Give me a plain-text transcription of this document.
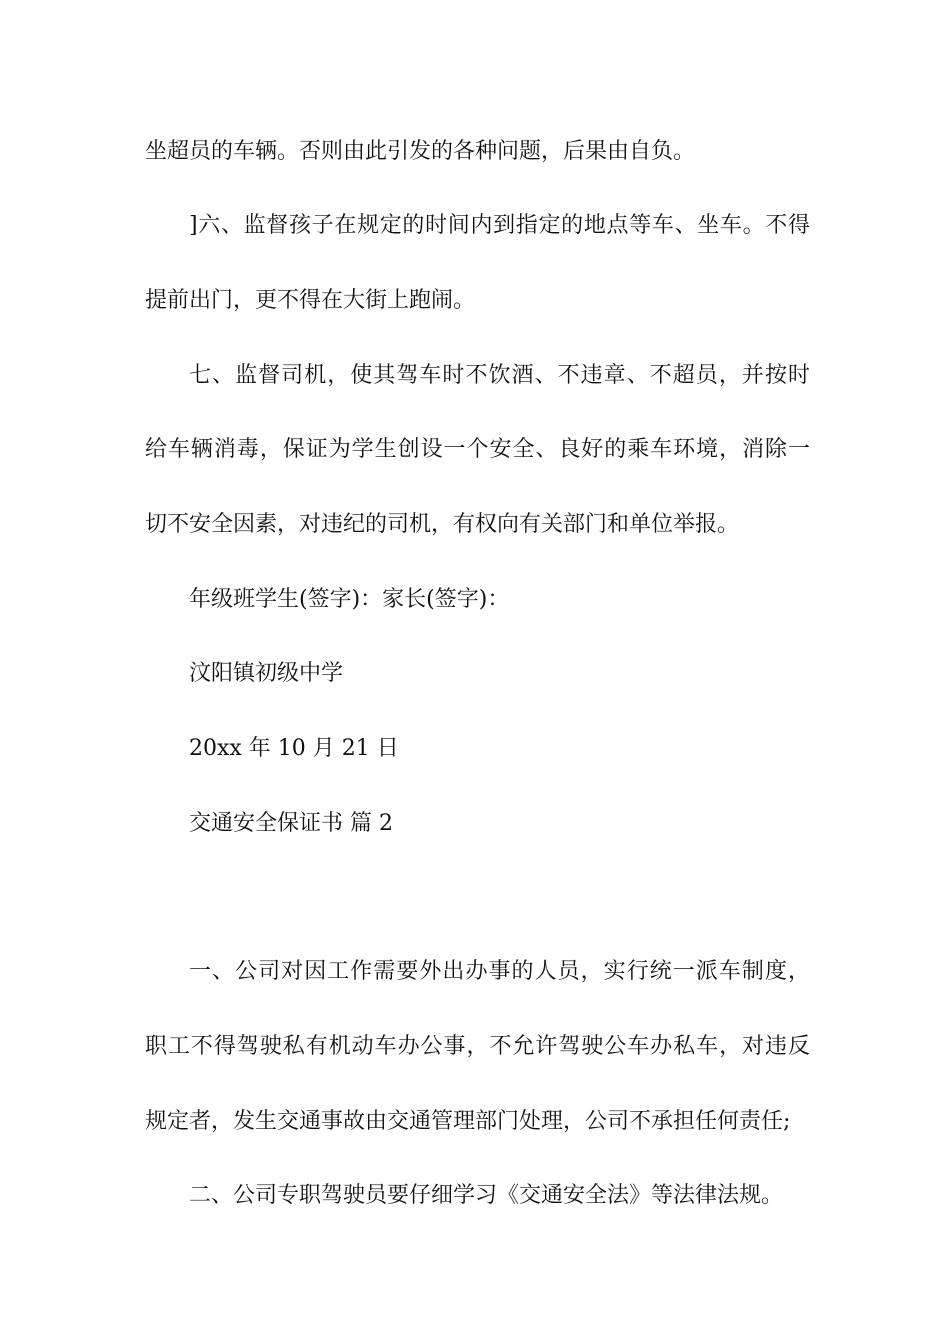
坐超员的车辆。否则由此引发的各种问题，后果由自负。
]六、监督孩子在规定的时间内到指定的地点等车、坐车。不得
提前出门，更不得在大街上跑闹。
七、监督司机，使其驾车时不饮酒、不违章、不超员，并按时
给车辆消毒，保证为学生创设一个安全、良好的乘车环境，消除一
切不安全因素，对违纪的司机，有权向有关部门和单位举报。
年级班学生(签字)：家长(签字)：
汶阳镇初级中学
20xx 年 10 月 21 日
交通安全保证书 篇 2
一、公司对因工作需要外出办事的人员，实行统一派车制度，
职工不得驾驶私有机动车办公事，不允许驾驶公车办私车，对违反
规定者，发生交通事故由交通管理部门处理，公司不承担任何责任;
二、公司专职驾驶员要仔细学习《交通安全法》等法律法规。
